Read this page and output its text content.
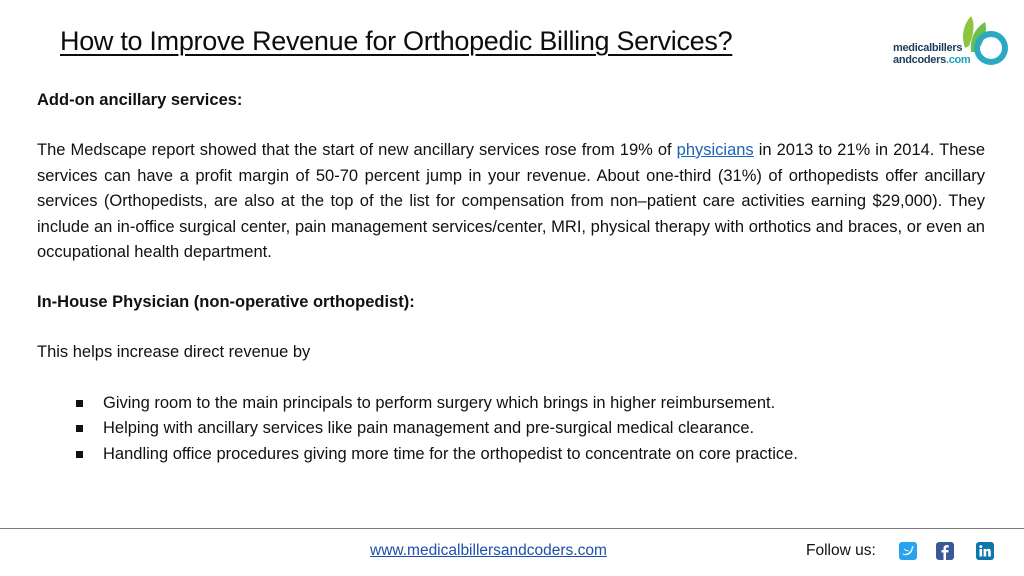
How to Improve Revenue for Orthopedic Billing Services?	medicalbillers
andcoders.com

Add-on ancillary services:

The Medscape report showed that the start of new ancillary services rose from 19% of physicians in 2013 to 21% in 2014. These services can have a profit margin of 50-70 percent jump in your revenue. About one-third (31%) of orthopedists offer ancillary services (Orthopedists, are also at the top of the list for compensation from non–patient care activities earning $29,000). They include an in-office surgical center, pain management services/center, MRI, physical therapy with orthotics and braces, or even an occupational health department.

In-House Physician (non-operative orthopedist):

This helps increase direct revenue by

Giving room to the main principals to perform surgery which brings in higher reimbursement.
Helping with ancillary services like pain management and pre-surgical medical clearance.
Handling office procedures giving more time for the orthopedist to concentrate on core practice.
www.medicalbillersandcoders.com	Follow us:
